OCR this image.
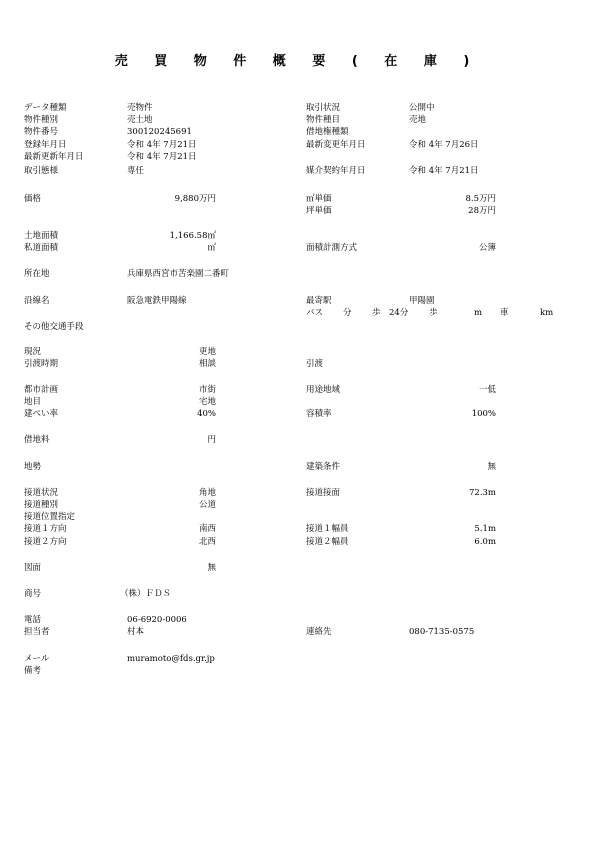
売 買 物 件 概 要 ( 在 庫 )
データ種類	売物件	取引状況	公開中
物件種別	売土地	物件種目	売地
物件番号	300120245691	借地権種類
登録年月日	令和 4年 7月21日	最新変更年月日	令和 4年 7月26日
最新更新年月日	令和 4年 7月21日
取引態様	専任	媒介契約年月日	令和 4年 7月21日
価格	9,880万円	㎡単価	8.5万円
坪単価	28万円
土地面積	1,166.58㎡
私道面積	㎡	面積計測方式	公簿
所在地	兵庫県西宮市苦楽園二番町
沿線名	阪急電鉄甲陽線	最寄駅	甲陽園
バス 分 歩 24分 歩	m 車	km
その他交通手段
現況	更地
引渡時期	相談	引渡
都市計画	市街	用途地域	一低
地目	宅地
建ぺい率	40%	容積率	100%
借地料	円
地勢	建築条件	無
接道状況	角地	接道接面	72.3m
接道種別	公道
接道位置指定
接道１方向	南西	接道１幅員	5.1m
接道２方向	北西	接道２幅員	6.0m
図面	無
商号	（株）ＦＤＳ
電話	06-6920-0006
担当者	村本	連絡先	080-7135-0575
メール	muramoto@fds.gr.jp
備考
